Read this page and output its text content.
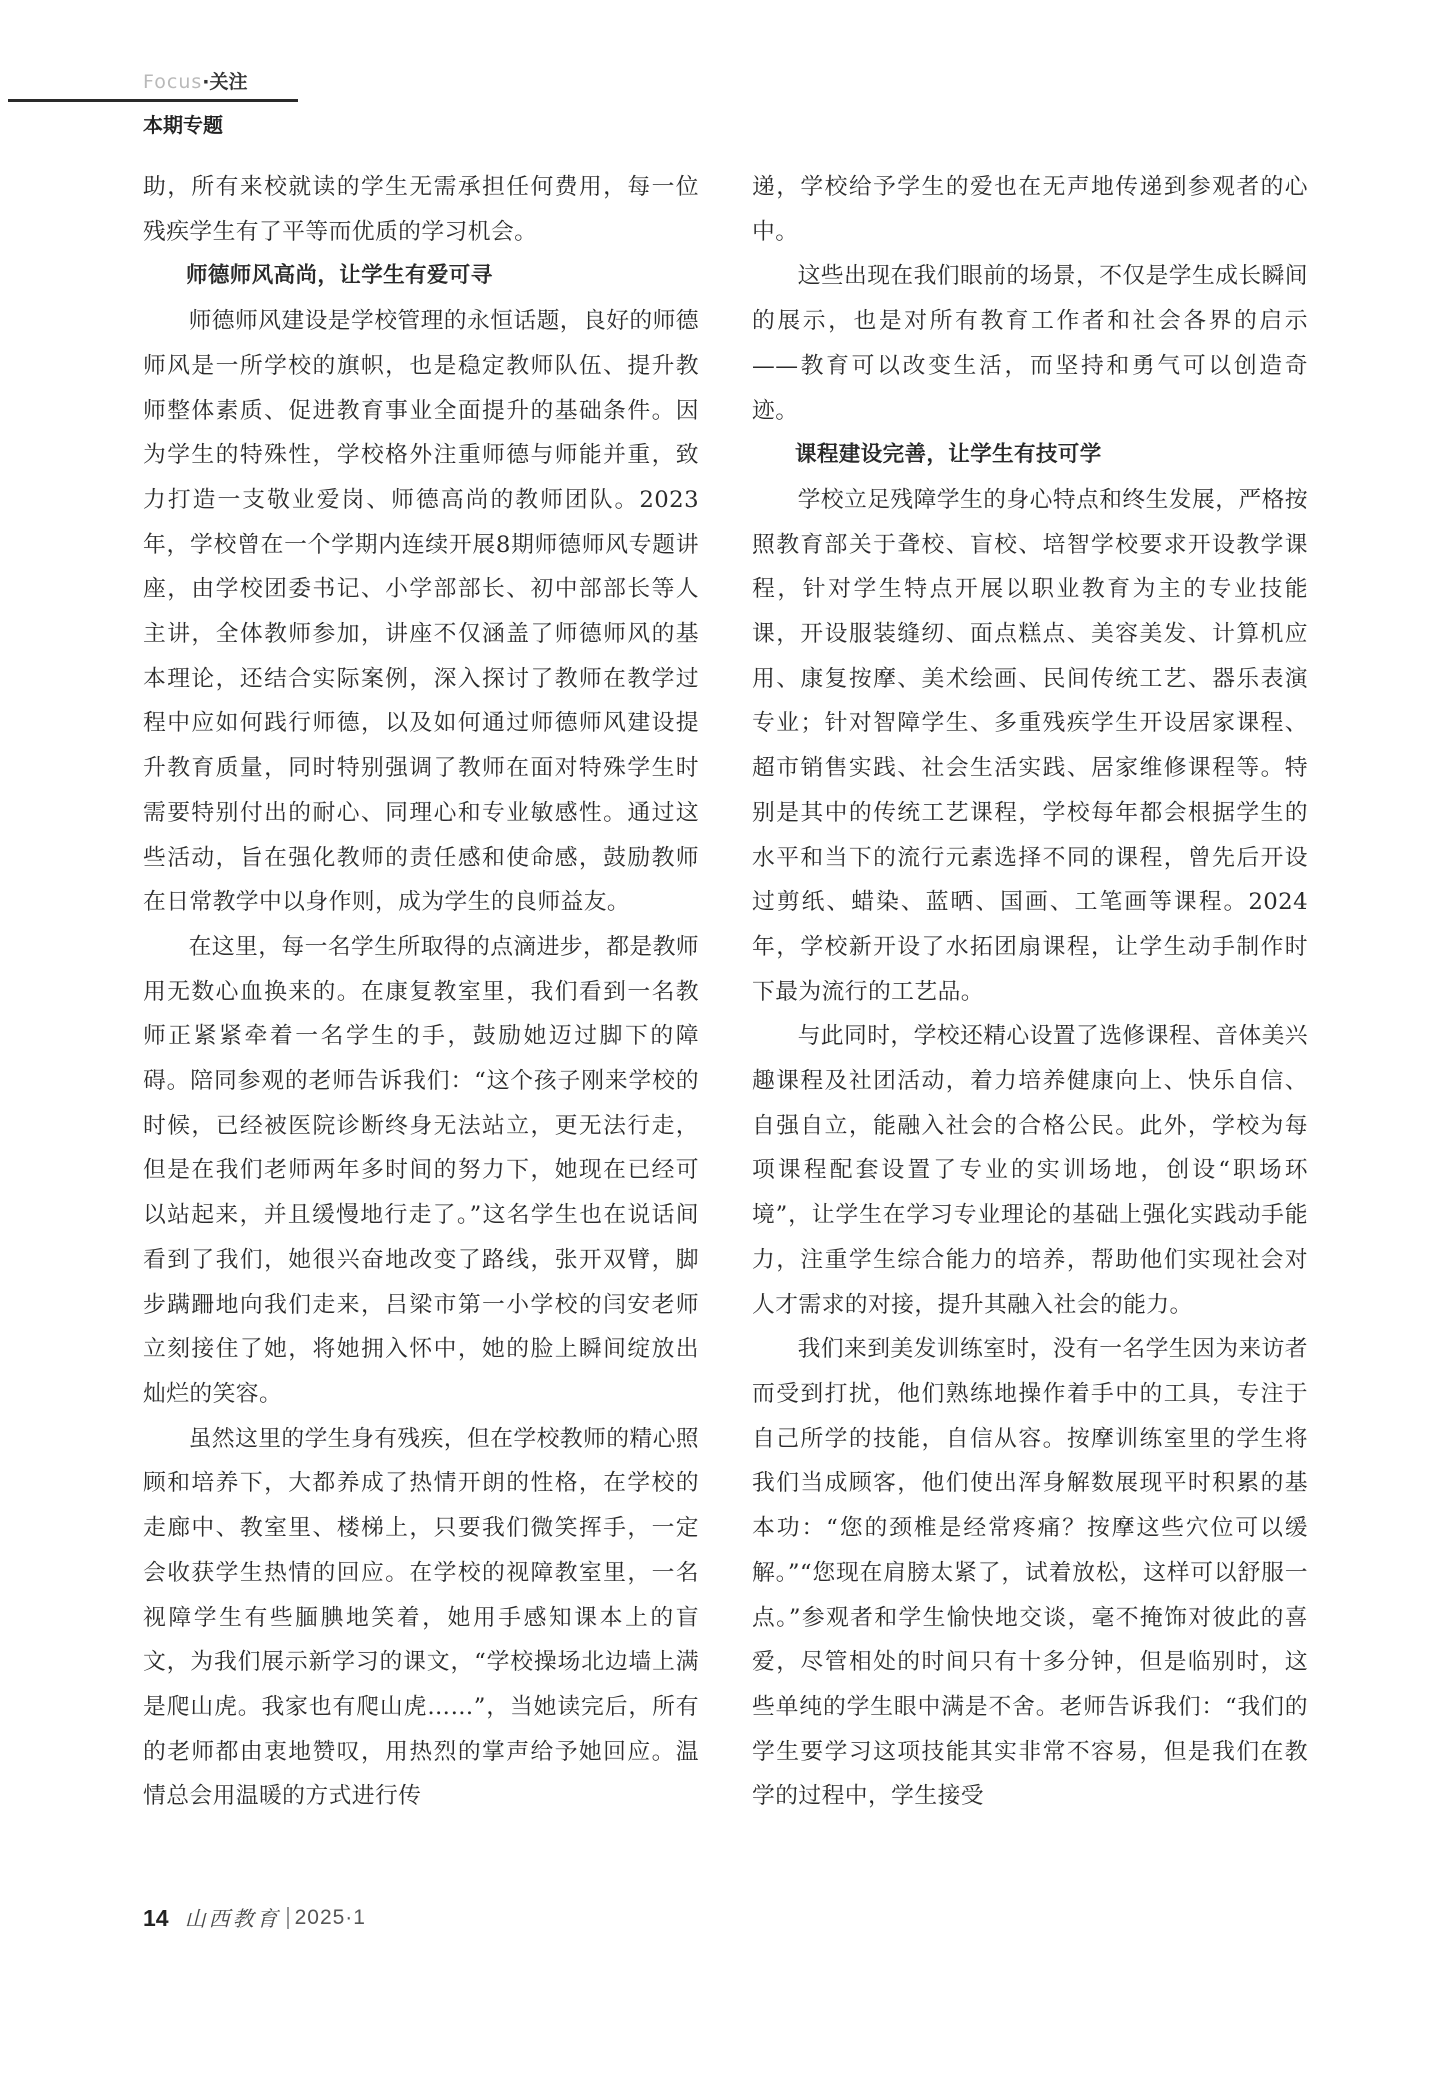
Focus·关注
本期专题

助，所有来校就读的学生无需承担任何费用，每一位残疾学生有了平等而优质的学习机会。

师德师风高尚，让学生有爱可寻

师德师风建设是学校管理的永恒话题，良好的师德师风是一所学校的旗帜，也是稳定教师队伍、提升教师整体素质、促进教育事业全面提升的基础条件。因为学生的特殊性，学校格外注重师德与师能并重，致力打造一支敬业爱岗、师德高尚的教师团队。2023年，学校曾在一个学期内连续开展8期师德师风专题讲座，由学校团委书记、小学部部长、初中部部长等人主讲，全体教师参加，讲座不仅涵盖了师德师风的基本理论，还结合实际案例，深入探讨了教师在教学过程中应如何践行师德，以及如何通过师德师风建设提升教育质量，同时特别强调了教师在面对特殊学生时需要特别付出的耐心、同理心和专业敏感性。通过这些活动，旨在强化教师的责任感和使命感，鼓励教师在日常教学中以身作则，成为学生的良师益友。

在这里，每一名学生所取得的点滴进步，都是教师用无数心血换来的。在康复教室里，我们看到一名教师正紧紧牵着一名学生的手，鼓励她迈过脚下的障碍。陪同参观的老师告诉我们：“这个孩子刚来学校的时候，已经被医院诊断终身无法站立，更无法行走，但是在我们老师两年多时间的努力下，她现在已经可以站起来，并且缓慢地行走了。”这名学生也在说话间看到了我们，她很兴奋地改变了路线，张开双臂，脚步蹒跚地向我们走来，吕梁市第一小学校的闫安老师立刻接住了她，将她拥入怀中，她的脸上瞬间绽放出灿烂的笑容。

虽然这里的学生身有残疾，但在学校教师的精心照顾和培养下，大都养成了热情开朗的性格，在学校的走廊中、教室里、楼梯上，只要我们微笑挥手，一定会收获学生热情的回应。在学校的视障教室里，一名视障学生有些腼腆地笑着，她用手感知课本上的盲文，为我们展示新学习的课文，“学校操场北边墙上满是爬山虎。我家也有爬山虎……”，当她读完后，所有的老师都由衷地赞叹，用热烈的掌声给予她回应。温情总会用温暖的方式进行传

递，学校给予学生的爱也在无声地传递到参观者的心中。

这些出现在我们眼前的场景，不仅是学生成长瞬间的展示，也是对所有教育工作者和社会各界的启示——教育可以改变生活，而坚持和勇气可以创造奇迹。

课程建设完善，让学生有技可学

学校立足残障学生的身心特点和终生发展，严格按照教育部关于聋校、盲校、培智学校要求开设教学课程，针对学生特点开展以职业教育为主的专业技能课，开设服装缝纫、面点糕点、美容美发、计算机应用、康复按摩、美术绘画、民间传统工艺、器乐表演专业；针对智障学生、多重残疾学生开设居家课程、超市销售实践、社会生活实践、居家维修课程等。特别是其中的传统工艺课程，学校每年都会根据学生的水平和当下的流行元素选择不同的课程，曾先后开设过剪纸、蜡染、蓝晒、国画、工笔画等课程。2024年，学校新开设了水拓团扇课程，让学生动手制作时下最为流行的工艺品。

与此同时，学校还精心设置了选修课程、音体美兴趣课程及社团活动，着力培养健康向上、快乐自信、自强自立，能融入社会的合格公民。此外，学校为每项课程配套设置了专业的实训场地，创设“职场环境”，让学生在学习专业理论的基础上强化实践动手能力，注重学生综合能力的培养，帮助他们实现社会对人才需求的对接，提升其融入社会的能力。

我们来到美发训练室时，没有一名学生因为来访者而受到打扰，他们熟练地操作着手中的工具，专注于自己所学的技能，自信从容。按摩训练室里的学生将我们当成顾客，他们使出浑身解数展现平时积累的基本功：“您的颈椎是经常疼痛？按摩这些穴位可以缓解。”“您现在肩膀太紧了，试着放松，这样可以舒服一点。”参观者和学生愉快地交谈，毫不掩饰对彼此的喜爱，尽管相处的时间只有十多分钟，但是临别时，这些单纯的学生眼中满是不舍。老师告诉我们：“我们的学生要学习这项技能其实非常不容易，但是我们在教学的过程中，学生接受

14 山西教育 2025·1
